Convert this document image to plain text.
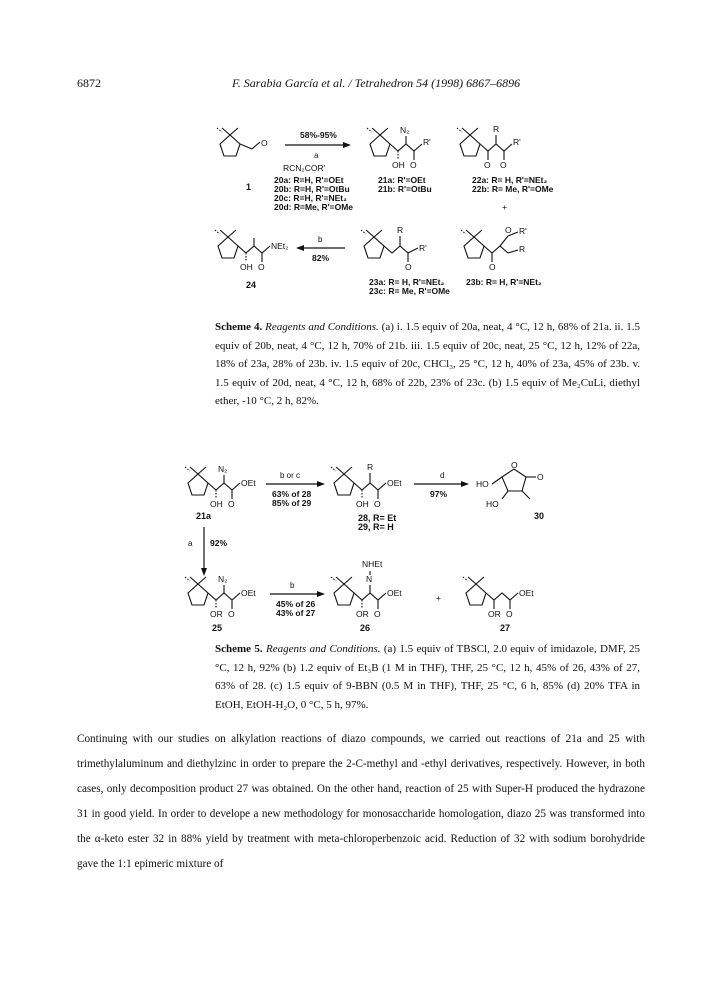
6872	F. Sarabia García et al. / Tetrahedron 54 (1998) 6867–6896
O
1
58%-95%
a
RCN₂COR'
20a: R=H, R'=OEt
20b: R=H, R'=OtBu
20c: R=H, R'=NEt₂
20d: R=Me, R'=OMe
N₂
OH O
R'
21a: R'=OEt
21b: R'=OtBu
R
O O
R'
22a: R= H, R'=NEt₂
22b: R= Me, R'=OMe
+
OH O
NEt₂
24
b
82%
R
R'
O
23a: R= H, R'=NEt₂
23c: R= Me, R'=OMe
O R'
R
O
23b: R= H, R'=NEt₂
Scheme 4. Reagents and Conditions. (a) i. 1.5 equiv of 20a, neat, 4 °C, 12 h, 68% of 21a. ii. 1.5 equiv of 20b, neat, 4 °C, 12 h, 70% of 21b. iii. 1.5 equiv of 20c, neat, 25 °C, 12 h, 12% of 22a, 18% of 23a, 28% of 23b. iv. 1.5 equiv of 20c, CHCl₃, 25 °C, 12 h, 40% of 23a, 45% of 23b. v. 1.5 equiv of 20d, neat, 4 °C, 12 h, 68% of 22b, 23% of 23c. (b) 1.5 equiv of Me₂CuLi, diethyl ether, -10 °C, 2 h, 82%.
N₂
OH O
OEt
21a
b or c
63% of 28
85% of 29
R
OH O
OEt
28, R= Et
29, R= H
d
97%
HO
O
O
HO
30
a 92%
N₂
OR O
OEt
25
b
45% of 26
43% of 27
N
NHEt
OR O
OEt
26
+
OR O
OEt
27
Scheme 5. Reagents and Conditions. (a) 1.5 equiv of TBSCl, 2.0 equiv of imidazole, DMF, 25 °C, 12 h, 92% (b) 1.2 equiv of Et₃B (1 M in THF), THF, 25 °C, 12 h, 45% of 26, 43% of 27, 63% of 28. (c) 1.5 equiv of 9-BBN (0.5 M in THF), THF, 25 °C, 6 h, 85% (d) 20% TFA in EtOH, EtOH-H₂O, 0 °C, 5 h, 97%.
Continuing with our studies on alkylation reactions of diazo compounds, we carried out reactions of 21a and 25 with trimethylaluminum and diethylzinc in order to prepare the 2-C-methyl and -ethyl derivatives, respectively. However, in both cases, only decomposition product 27 was obtained. On the other hand, reaction of 25 with Super-H produced the hydrazone 31 in good yield. In order to develope a new methodology for monosaccharide homologation, diazo 25 was transformed into the α-keto ester 32 in 88% yield by treatment with meta-chloroperbenzoic acid. Reduction of 32 with sodium borohydride gave the 1:1 epimeric mixture of
